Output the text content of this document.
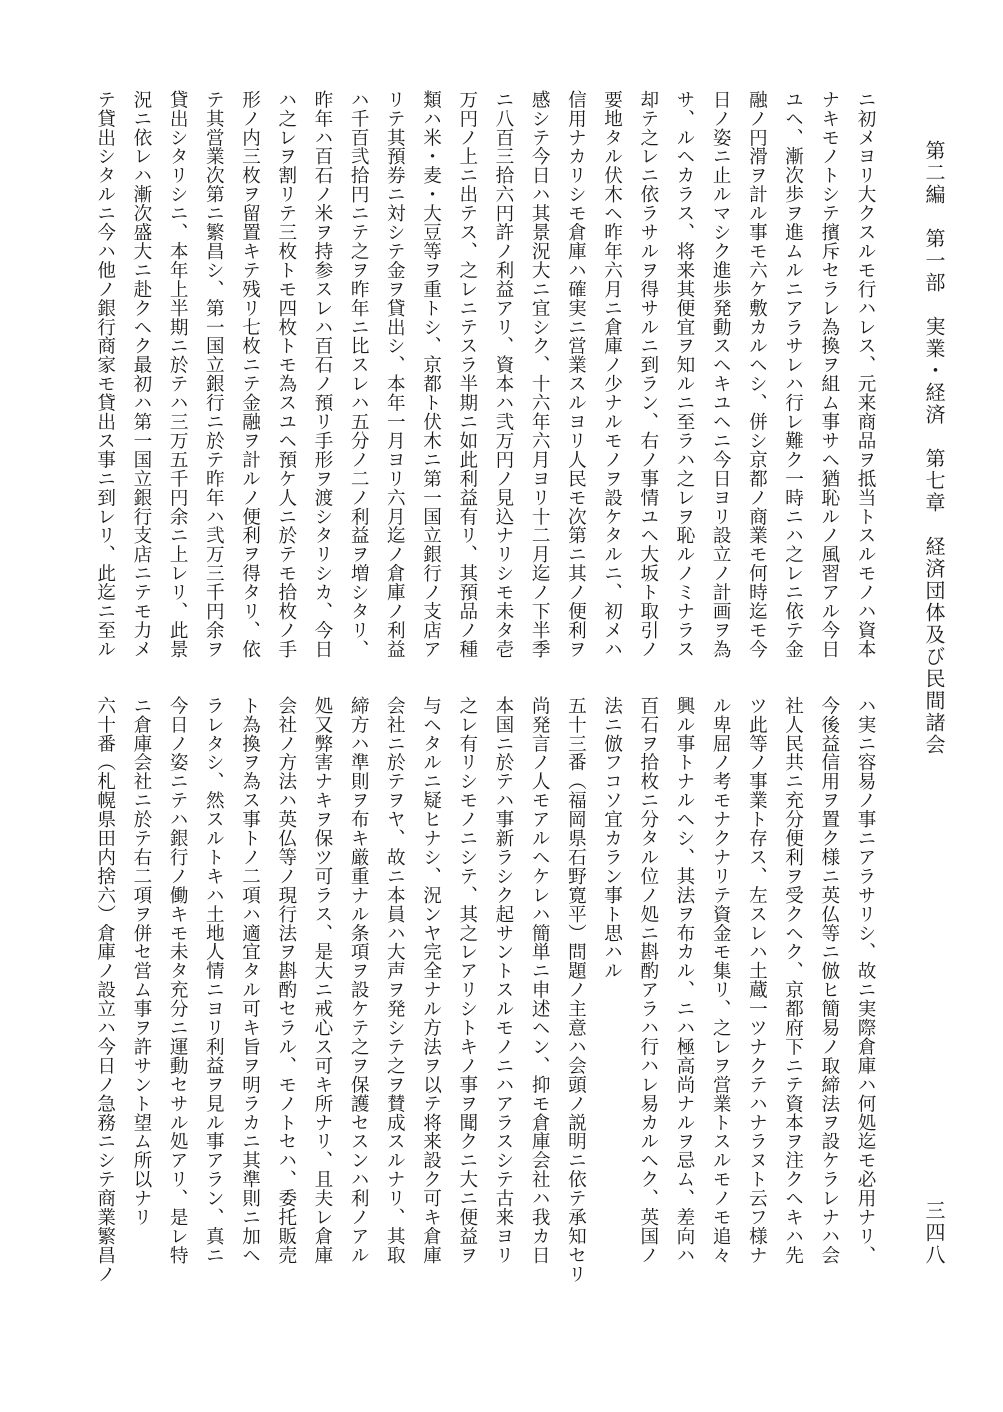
第二編　第一部　実業・経済　第七章　経済団体及び民間諸会
三四八
ニ初メヨリ大クスルモ行ハレス、元来商品ヲ抵当トスルモノハ資本
ナキモノトシテ擯斥セラレ為換ヲ組ム事サヘ猶恥ルノ風習アル今日
ユヘ、漸次歩ヲ進ムルニアラサレハ行レ難ク一時ニハ之レニ依テ金
融ノ円滑ヲ計ル事モ六ケ敷カルヘシ、併シ京都ノ商業モ何時迄モ今
日ノ姿ニ止ルマシク進歩発動スヘキユヘニ今日ヨリ設立ノ計画ヲ為
サ、ルヘカラス、将来其便宜ヲ知ルニ至ラハ之レヲ恥ルノミナラス
却テ之レニ依ラサルヲ得サルニ到ラン、右ノ事情ユヘ大坂ト取引ノ
要地タル伏木ヘ昨年六月ニ倉庫ノ少ナルモノヲ設ケタルニ、初メハ
信用ナカリシモ倉庫ハ確実ニ営業スルヨリ人民モ次第ニ其ノ便利ヲ
感シテ今日ハ其景況大ニ宜シク、十六年六月ヨリ十二月迄ノ下半季
ニ八百三拾六円許ノ利益アリ、資本ハ弐万円ノ見込ナリシモ未タ壱
万円ノ上ニ出テス、之レニテスラ半期ニ如此利益有リ、其預品ノ種
類ハ米・麦・大豆等ヲ重トシ、京都ト伏木ニ第一国立銀行ノ支店ア
リテ其預券ニ対シテ金ヲ貸出シ、本年一月ヨリ六月迄ノ倉庫ノ利益
ハ千百弐拾円ニテ之ヲ昨年ニ比スレハ五分ノ二ノ利益ヲ増シタリ、
昨年ハ百石ノ米ヲ持参スレハ百石ノ預リ手形ヲ渡シタリシカ、今日
ハ之レヲ割リテ三枚トモ四枚トモ為スユヘ預ケ人ニ於テモ拾枚ノ手
形ノ内三枚ヲ留置キテ残リ七枚ニテ金融ヲ計ルノ便利ヲ得タリ、依
テ其営業次第ニ繁昌シ、第一国立銀行ニ於テ昨年ハ弐万三千円余ヲ
貸出シタリシニ、本年上半期ニ於テハ三万五千円余ニ上レリ、此景
況ニ依レハ漸次盛大ニ赴クヘク最初ハ第一国立銀行支店ニテモ力メ
テ貸出シタルニ今ハ他ノ銀行商家モ貸出ス事ニ到レリ、此迄ニ至ル
ハ実ニ容易ノ事ニアラサリシ、故ニ実際倉庫ハ何処迄モ必用ナリ、
今後益信用ヲ置ク様ニ英仏等ニ倣ヒ簡易ノ取締法ヲ設ケラレナハ会
社人民共ニ充分便利ヲ受クヘク、京都府下ニテ資本ヲ注クヘキハ先
ツ此等ノ事業ト存ス、左スレハ土蔵一ツナクテハナラヌト云フ様ナ
ル卑屈ノ考モナクナリテ資金モ集リ、之レヲ営業トスルモノモ追々
興ル事トナルヘシ、其法ヲ布カル、ニハ極高尚ナルヲ忌ム、差向ハ
百石ヲ拾枚ニ分タル位ノ処ニ斟酌アラハ行ハレ易カルヘク、英国ノ
法ニ倣フコソ宜カラン事ト思ハル
五十三番（福岡県石野寛平）問題ノ主意ハ会頭ノ説明ニ依テ承知セリ
尚発言ノ人モアルヘケレハ簡単ニ申述ヘン、抑モ倉庫会社ハ我カ日
本国ニ於テハ事新ラシク起サントスルモノニハアラスシテ古来ヨリ
之レ有リシモノニシテ、其之レアリシトキノ事ヲ聞クニ大ニ便益ヲ
与ヘタルニ疑ヒナシ、況ンヤ完全ナル方法ヲ以テ将来設ク可キ倉庫
会社ニ於テヲヤ、故ニ本員ハ大声ヲ発シテ之ヲ賛成スルナリ、其取
締方ハ準則ヲ布キ厳重ナル条項ヲ設ケテ之ヲ保護セスンハ利ノアル
処又弊害ナキヲ保ツ可ラス、是大ニ戒心ス可キ所ナリ、且夫レ倉庫
会社ノ方法ハ英仏等ノ現行法ヲ斟酌セラル、モノトセハ、委托販売
ト為換ヲ為ス事トノ二項ハ適宜タル可キ旨ヲ明ラカニ其準則ニ加ヘ
ラレタシ、然スルトキハ土地人情ニヨリ利益ヲ見ル事アラン、真ニ
今日ノ姿ニテハ銀行ノ働キモ未タ充分ニ運動セサル処アリ、是レ特
ニ倉庫会社ニ於テ右二項ヲ併セ営ム事ヲ許サント望ム所以ナリ
六十番（札幌県田内捨六）倉庫ノ設立ハ今日ノ急務ニシテ商業繁昌ノ
